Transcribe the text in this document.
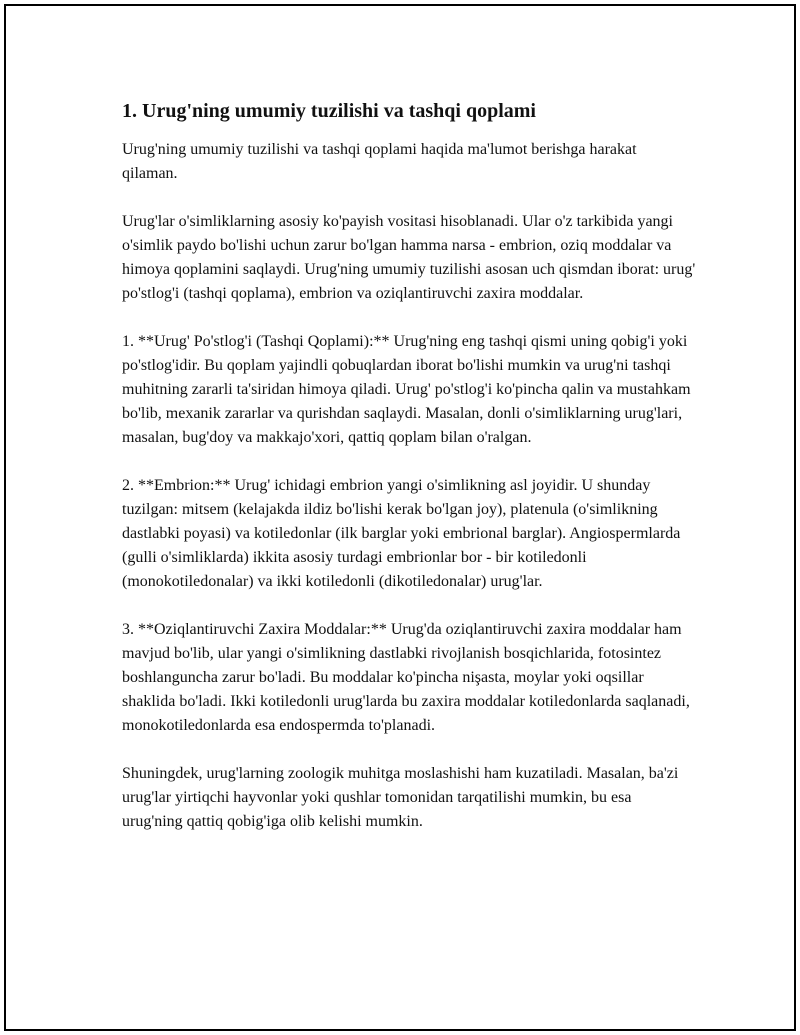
1. Urug'ning umumiy tuzilishi va tashqi qoplami

Urug'ning umumiy tuzilishi va tashqi qoplami haqida ma'lumot berishga harakat qilaman.

Urug'lar o'simliklarning asosiy ko'payish vositasi hisoblanadi. Ular o'z tarkibida yangi o'simlik paydo bo'lishi uchun zarur bo'lgan hamma narsa - embrion, oziq moddalar va himoya qoplamini saqlaydi. Urug'ning umumiy tuzilishi asosan uch qismdan iborat: urug' po'stlog'i (tashqi qoplama), embrion va oziqlantiruvchi zaxira moddalar.

1. **Urug' Po'stlog'i (Tashqi Qoplami):** Urug'ning eng tashqi qismi uning qobig'i yoki po'stlog'idir. Bu qoplam yajindli qobuqlardan iborat bo'lishi mumkin va urug'ni tashqi muhitning zararli ta'siridan himoya qiladi. Urug' po'stlog'i ko'pincha qalin va mustahkam bo'lib, mexanik zararlar va qurishdan saqlaydi. Masalan, donli o'simliklarning urug'lari, masalan, bug'doy va makkajo'xori, qattiq qoplam bilan o'ralgan.

2. **Embrion:** Urug' ichidagi embrion yangi o'simlikning asl joyidir. U shunday tuzilgan: mitsem (kelajakda ildiz bo'lishi kerak bo'lgan joy), platenula (o'simlikning dastlabki poyasi) va kotiledonlar (ilk barglar yoki embrional barglar). Angiospermlarda (gulli o'simliklarda) ikkita asosiy turdagi embrionlar bor - bir kotiledonli (monokotiledonalar) va ikki kotiledonli (dikotiledonalar) urug'lar.

3. **Oziqlantiruvchi Zaxira Moddalar:** Urug'da oziqlantiruvchi zaxira moddalar ham mavjud bo'lib, ular yangi o'simlikning dastlabki rivojlanish bosqichlarida, fotosintez boshlanguncha zarur bo'ladi. Bu moddalar ko'pincha nişasta, moylar yoki oqsillar shaklida bo'ladi. Ikki kotiledonli urug'larda bu zaxira moddalar kotiledonlarda saqlanadi, monokotiledonlarda esa endospermda to'planadi.

Shuningdek, urug'larning zoologik muhitga moslashishi ham kuzatiladi. Masalan, ba'zi urug'lar yirtiqchi hayvonlar yoki qushlar tomonidan tarqatilishi mumkin, bu esa urug'ning qattiq qobig'iga olib kelishi mumkin.
